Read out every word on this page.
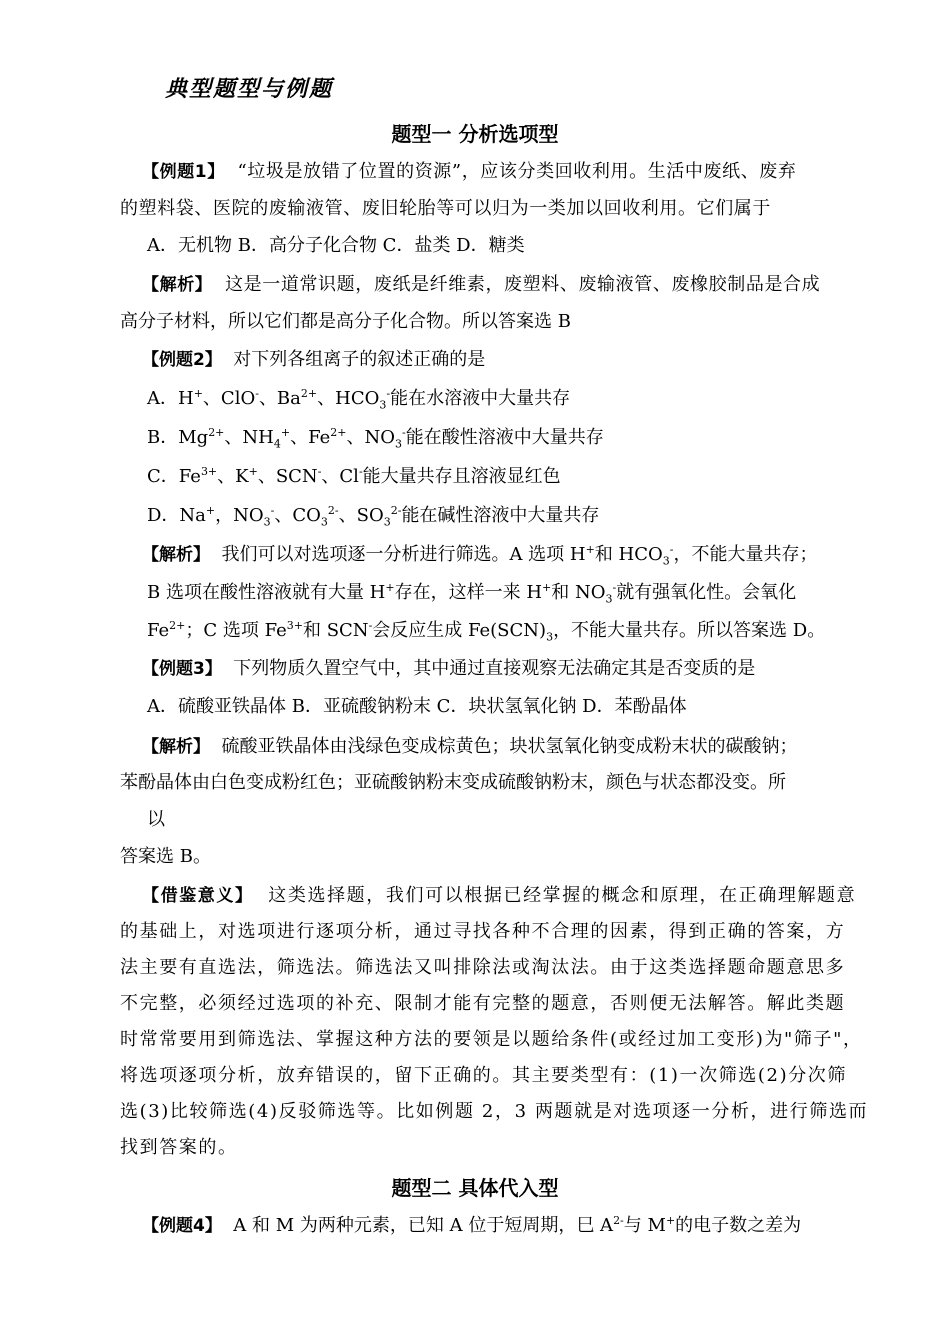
典型题型与例题
题型一 分析选项型
【例题1】 “垃圾是放错了位置的资源”，应该分类回收利用。生活中废纸、废弃
的塑料袋、医院的废输液管、废旧轮胎等可以归为一类加以回收利用。它们属于
A．无机物 B．高分子化合物 C．盐类 D．糖类
【解析】 这是一道常识题，废纸是纤维素，废塑料、废输液管、废橡胶制品是合成
高分子材料，所以它们都是高分子化合物。所以答案选 B
【例题2】 对下列各组离子的叙述正确的是
A．H+、ClO-、$Ba^{2+}$、$HCO_3^-$能在水溶液中大量共存
B．$Mg^{2+}$、$NH_4^+$、$Fe^{2+}$、$NO_3^-$能在酸性溶液中大量共存
C．$Fe^{3+}$、K+、SCN-、Cl-能大量共存且溶液显红色
D．Na+，$NO_3^-$、$CO_3^{2-}$、$SO_3^{2-}$能在碱性溶液中大量共存
【解析】 我们可以对选项逐一分析进行筛选。A 选项 H+和 $HCO_3^-$，不能大量共存；
B 选项在酸性溶液就有大量 H+存在，这样一来 H+和 $NO_3^-$就有强氧化性。会氧化
$Fe^{2+}$；C 选项 $Fe^{3+}$和 SCN-会反应生成 $Fe(SCN)_3$，不能大量共存。所以答案选 D。
【例题3】 下列物质久置空气中，其中通过直接观察无法确定其是否变质的是
A．硫酸亚铁晶体 B．亚硫酸钠粉末 C．块状氢氧化钠 D．苯酚晶体
【解析】 硫酸亚铁晶体由浅绿色变成棕黄色；块状氢氧化钠变成粉末状的碳酸钠；
苯酚晶体由白色变成粉红色；亚硫酸钠粉末变成硫酸钠粉末，颜色与状态都没变。所
以
答案选 B。
【借鉴意义】 这类选择题，我们可以根据已经掌握的概念和原理，在正确理解题意
的基础上，对选项进行逐项分析，通过寻找各种不合理的因素，得到正确的答案，方
法主要有直选法，筛选法。筛选法又叫排除法或淘汰法。由于这类选择题命题意思多
不完整，必须经过选项的补充、限制才能有完整的题意，否则便无法解答。解此类题
时常常要用到筛选法、掌握这种方法的要领是以题给条件(或经过加工变形)为"筛子"，
将选项逐项分析，放弃错误的，留下正确的。其主要类型有：(1)一次筛选(2)分次筛
选(3)比较筛选(4)反驳筛选等。比如例题 2，3 两题就是对选项逐一分析，进行筛选而
找到答案的。
题型二 具体代入型
【例题4】 A 和 M 为两种元素，已知 A 位于短周期，巳 $A^{2-}$与 M+的电子数之差为
